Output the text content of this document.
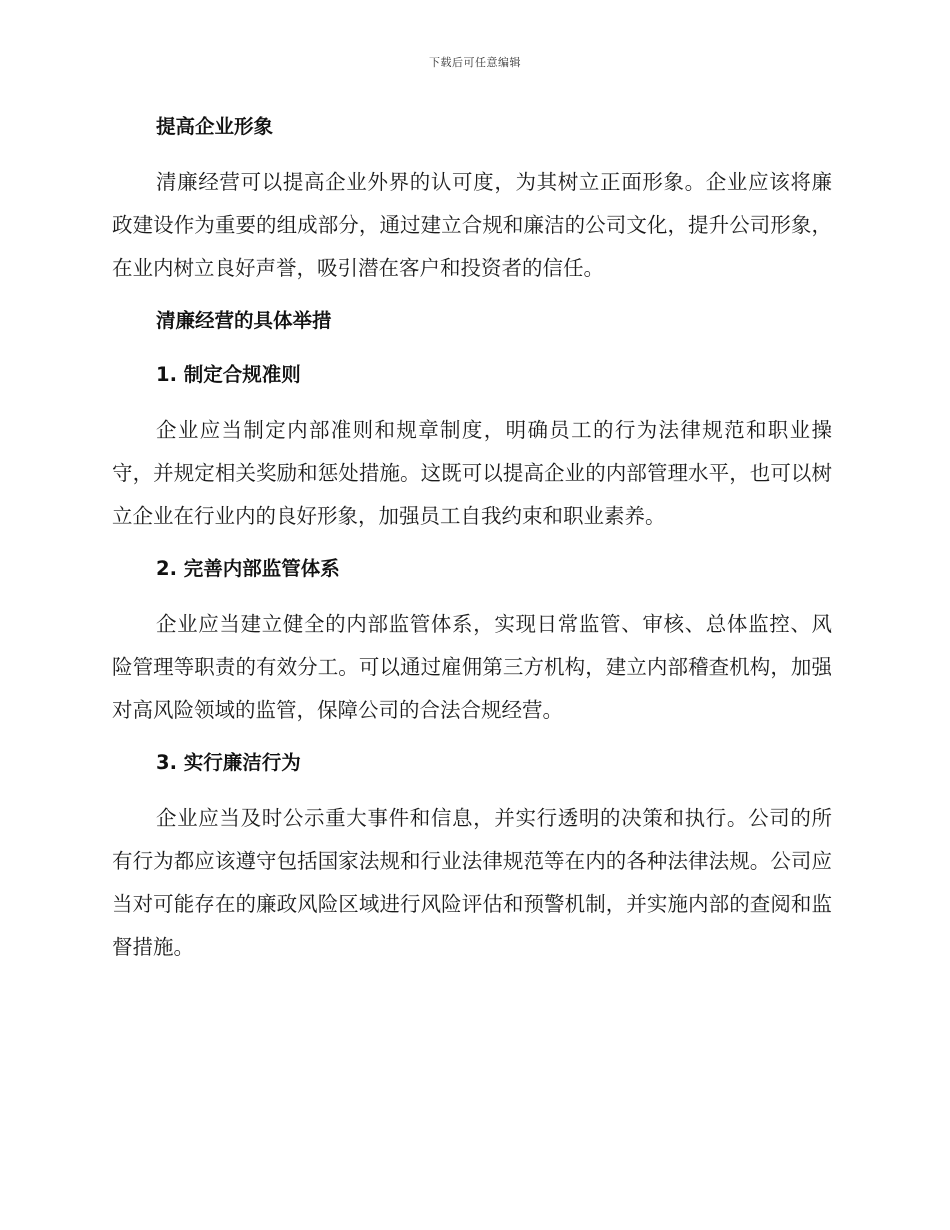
下载后可任意编辑
提高企业形象

清廉经营可以提高企业外界的认可度，为其树立正面形象。企业应该将廉政建设作为重要的组成部分，通过建立合规和廉洁的公司文化，提升公司形象，在业内树立良好声誉，吸引潜在客户和投资者的信任。

清廉经营的具体举措
1. 制定合规准则

企业应当制定内部准则和规章制度，明确员工的行为法律规范和职业操守，并规定相关奖励和惩处措施。这既可以提高企业的内部管理水平，也可以树立企业在行业内的良好形象，加强员工自我约束和职业素养。

2. 完善内部监管体系

企业应当建立健全的内部监管体系，实现日常监管、审核、总体监控、风险管理等职责的有效分工。可以通过雇佣第三方机构，建立内部稽查机构，加强对高风险领域的监管，保障公司的合法合规经营。

3. 实行廉洁行为

企业应当及时公示重大事件和信息，并实行透明的决策和执行。公司的所有行为都应该遵守包括国家法规和行业法律规范等在内的各种法律法规。公司应当对可能存在的廉政风险区域进行风险评估和预警机制，并实施内部的查阅和监督措施。
